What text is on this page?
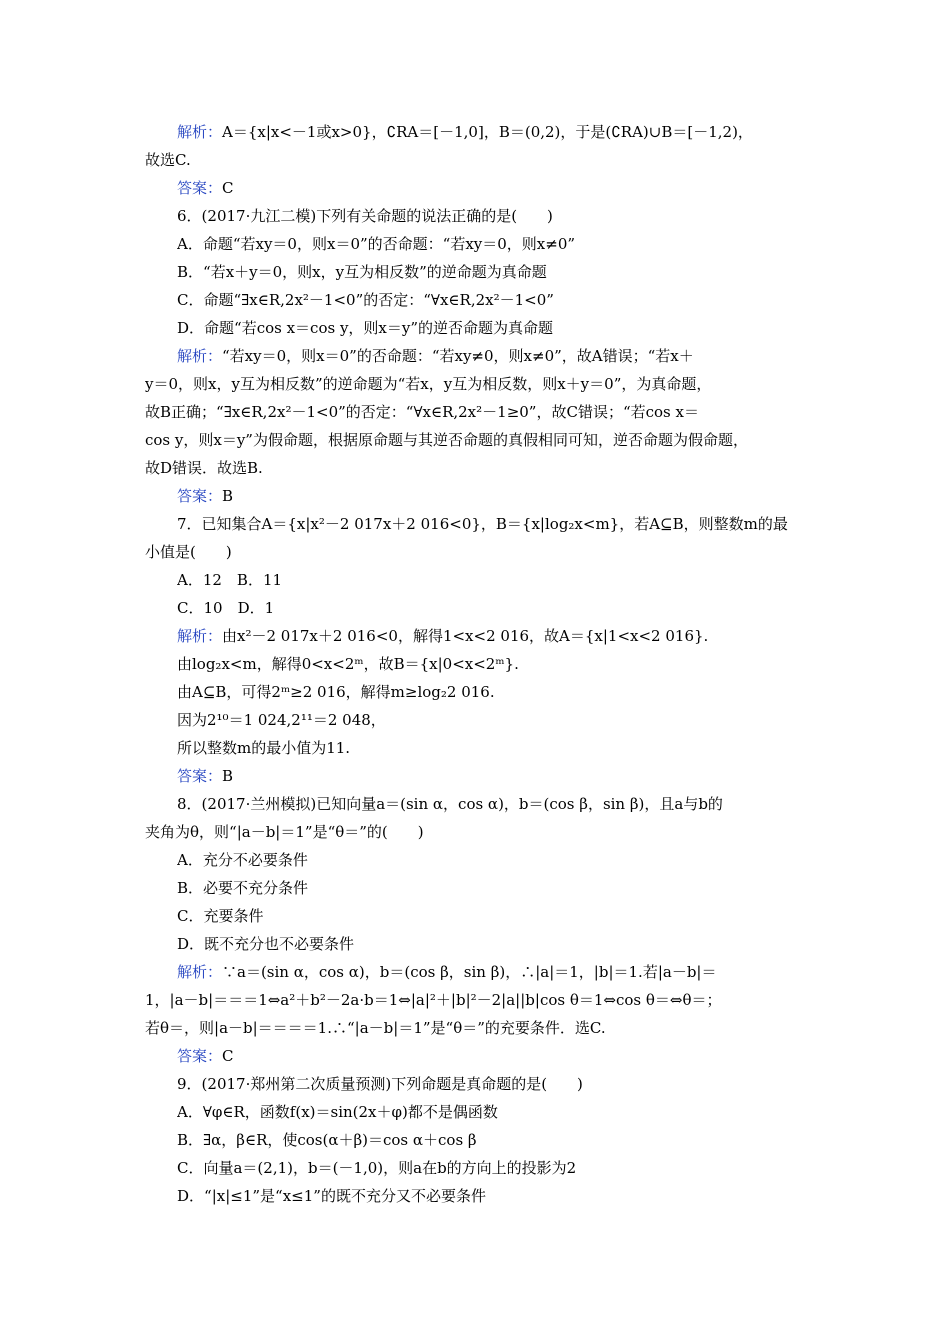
解析：A＝{x|x<－1或x>0}，∁RA＝[－1,0]，B＝(0,2)，于是(∁RA)∪B＝[－1,2)，
故选C.
答案：C
6．(2017·九江二模)下列有关命题的说法正确的是(　　)
A．命题“若xy＝0，则x＝0”的否命题：“若xy＝0，则x≠0”
B．“若x＋y＝0，则x，y互为相反数”的逆命题为真命题
C．命题“∃x∈R,2x²－1<0”的否定：“∀x∈R,2x²－1<0”
D．命题“若cos x＝cos y，则x＝y”的逆否命题为真命题
解析：“若xy＝0，则x＝0”的否命题：“若xy≠0，则x≠0”，故A错误；“若x＋
y＝0，则x，y互为相反数”的逆命题为“若x，y互为相反数，则x＋y＝0”，为真命题，
故B正确；“∃x∈R,2x²－1<0”的否定：“∀x∈R,2x²－1≥0”，故C错误；“若cos x＝
cos y，则x＝y”为假命题，根据原命题与其逆否命题的真假相同可知，逆否命题为假命题，
故D错误．故选B.
答案：B
7．已知集合A＝{x|x²－2 017x＋2 016<0}，B＝{x|log₂x<m}，若A⊆B，则整数m的最
小值是(　　)
A．12　B．11
C．10　D．1
解析：由x²－2 017x＋2 016<0，解得1<x<2 016，故A＝{x|1<x<2 016}.
由log₂x<m，解得0<x<2ᵐ，故B＝{x|0<x<2ᵐ}.
由A⊆B，可得2ᵐ≥2 016，解得m≥log₂2 016.
因为2¹⁰＝1 024,2¹¹＝2 048，
所以整数m的最小值为11.
答案：B
8．(2017·兰州模拟)已知向量a＝(sin α，cos α)，b＝(cos β，sin β)，且a与b的
夹角为θ，则“|a－b|＝1”是“θ＝”的(　　)
A．充分不必要条件
B．必要不充分条件
C．充要条件
D．既不充分也不必要条件
解析：∵a＝(sin α，cos α)，b＝(cos β，sin β)，∴|a|＝1，|b|＝1.若|a－b|＝
1，|a－b|＝＝＝1⇔a²＋b²－2a·b＝1⇔|a|²＋|b|²－2|a||b|cos θ＝1⇔cos θ＝⇔θ＝；
若θ＝，则|a－b|＝＝＝＝1.∴“|a－b|＝1”是“θ＝”的充要条件．选C.
答案：C
9．(2017·郑州第二次质量预测)下列命题是真命题的是(　　)
A．∀φ∈R，函数f(x)＝sin(2x＋φ)都不是偶函数
B．∃α，β∈R，使cos(α＋β)＝cos α＋cos β
C．向量a＝(2,1)，b＝(－1,0)，则a在b的方向上的投影为2
D．“|x|≤1”是“x≤1”的既不充分又不必要条件
